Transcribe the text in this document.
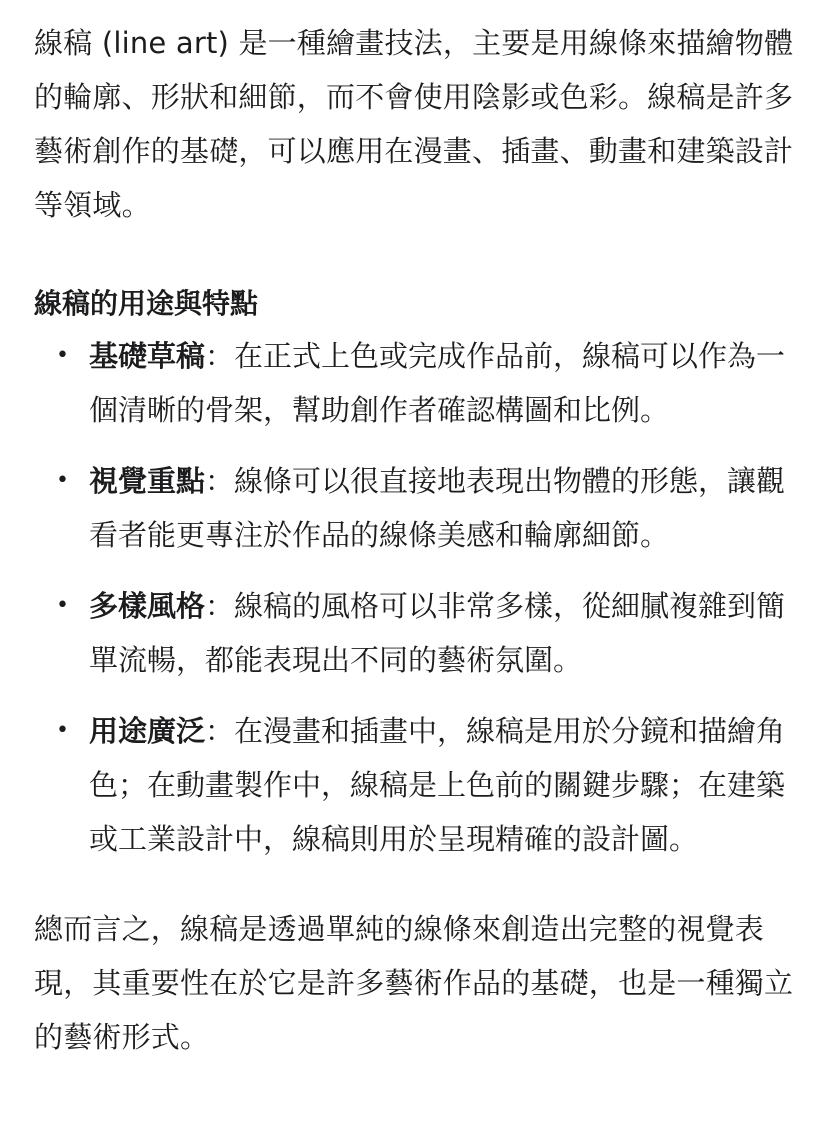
線稿 (line art) 是一種繪畫技法，主要是用線條來描繪物體的輪廓、形狀和細節，而不會使用陰影或色彩。線稿是許多藝術創作的基礎，可以應用在漫畫、插畫、動畫和建築設計等領域。

線稿的用途與特點
• 基礎草稿：在正式上色或完成作品前，線稿可以作為一個清晰的骨架，幫助創作者確認構圖和比例。
• 視覺重點：線條可以很直接地表現出物體的形態，讓觀看者能更專注於作品的線條美感和輪廓細節。
• 多樣風格：線稿的風格可以非常多樣，從細膩複雜到簡單流暢，都能表現出不同的藝術氛圍。
• 用途廣泛：在漫畫和插畫中，線稿是用於分鏡和描繪角色；在動畫製作中，線稿是上色前的關鍵步驟；在建築或工業設計中，線稿則用於呈現精確的設計圖。

總而言之，線稿是透過單純的線條來創造出完整的視覺表現，其重要性在於它是許多藝術作品的基礎，也是一種獨立的藝術形式。
